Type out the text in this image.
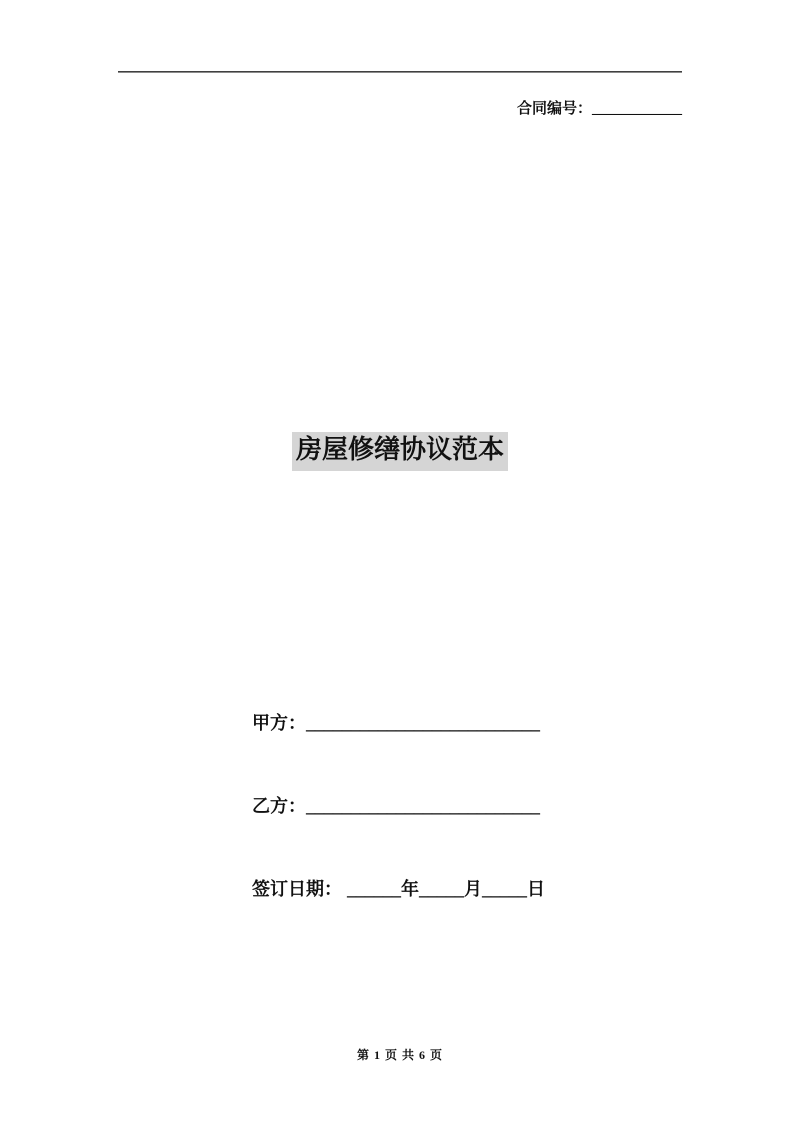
合同编号：____________
房屋修缮协议范本
甲方：__________________________
乙方：__________________________
签订日期： ______年_____月_____日
第 1 页 共 6 页
